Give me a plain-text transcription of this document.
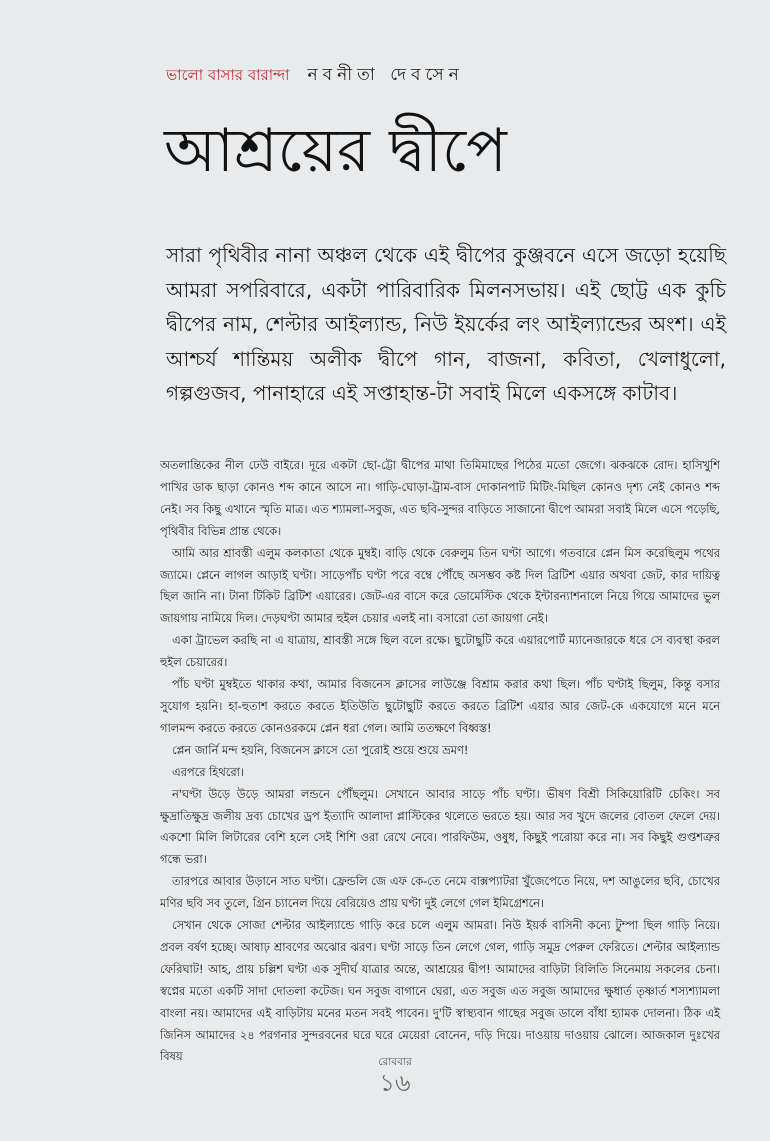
ভালো বাসার বারান্দা নবনীতা দেবসেন
আশ্রয়ের দ্বীপে

সারা পৃথিবীর নানা অঞ্চল থেকে এই দ্বীপের কুঞ্জবনে এসে জড়ো হয়েছি আমরা সপরিবারে, একটা পারিবারিক মিলনসভায়। এই ছোট্ট এক কুচি দ্বীপের নাম, শেল্টার আইল্যান্ড, নিউ ইয়র্কের লং আইল্যান্ডের অংশ। এই আশ্চর্য শান্তিময় অলীক দ্বীপে গান, বাজনা, কবিতা, খেলাধুলো, গল্পগুজব, পানাহারে এই সপ্তাহান্ত-টা সবাই মিলে একসঙ্গে কাটাব।

অতলান্তিকের নীল ঢেউ বাইরে। দূরে একটা ছো-ট্টো দ্বীপের মাথা তিমিমাছের পিঠের মতো জেগে। ঝকঝকে রোদ। হাসিখুশি পাখির ডাক ছাড়া কোনও শব্দ কানে আসে না। গাড়ি-ঘোড়া-ট্রাম-বাস দোকানপাট মিটিং-মিছিল কোনও দৃশ্য নেই কোনও শব্দ নেই। সব কিছু এখানে স্মৃতি মাত্র। এত শ্যামলা-সবুজ, এত ছবি-সুন্দর বাড়িতে সাজানো দ্বীপে আমরা সবাই মিলে এসে পড়েছি, পৃথিবীর বিভিন্ন প্রান্ত থেকে।

আমি আর শ্রাবস্তী এলুম কলকাতা থেকে মুম্বই। বাড়ি থেকে বেরুলুম তিন ঘণ্টা আগে। গতবারে প্লেন মিস করেছিলুম পথের জ্যামে। প্লেনে লাগল আড়াই ঘণ্টা। সাড়েপাঁচ ঘণ্টা পরে বম্বে পৌঁছে অসম্ভব কষ্ট দিল ব্রিটিশ এয়ার অথবা জেট, কার দায়িত্ব ছিল জানি না। টানা টিকিট ব্রিটিশ এয়ারের। জেট-এর বাসে করে ডোমেস্টিক থেকে ইন্টারন্যাশনালে নিয়ে গিয়ে আমাদের ভুল জায়গায় নামিয়ে দিল। দেড়ঘণ্টা আমার হুইল চেয়ার এলই না। বসারো তো জায়গা নেই।

একা ট্রাভেল করছি না এ যাত্রায়, শ্রাবস্তী সঙ্গে ছিল বলে রক্ষে। ছুটোছুটি করে এয়ারপোর্ট ম্যানেজারকে ধরে সে ব্যবস্থা করল হুইল চেয়ারের।

পাঁচ ঘণ্টা মুম্বইতে থাকার কথা, আমার বিজনেস ক্লাসের লাউঞ্জে বিশ্রাম করার কথা ছিল। পাঁচ ঘণ্টাই ছিলুম, কিন্তু বসার সুযোগ হয়নি। হা-হুতাশ করতে করতে ইতিউতি ছুটোছুটি করতে করতে ব্রিটিশ এয়ার আর জেট-কে একযোগে মনে মনে গালমন্দ করতে করতে কোনওরকমে প্লেন ধরা গেল। আমি ততক্ষণে বিধ্বস্ত!

প্লেন জার্নি মন্দ হয়নি, বিজনেস ক্লাসে তো পুরোই শুয়ে শুয়ে ভ্রমণ!

এরপরে হিথরো।

ন'ঘণ্টা উড়ে উড়ে আমরা লন্ডনে পৌঁছলুম। সেখানে আবার সাড়ে পাঁচ ঘণ্টা। ভীষণ বিশ্রী সিকিয়োরিটি চেকিং। সব ক্ষুদ্রাতিক্ষুদ্র জলীয় দ্রব্য চোখের ড্রপ ইত্যাদি আলাদা প্লাস্টিকের থলেতে ভরতে হয়। আর সব খুদে জলের বোতল ফেলে দেয়। একশো মিলি লিটারের বেশি হলে সেই শিশি ওরা রেখে নেবে। পারফিউম, ওষুধ, কিছুই পরোয়া করে না। সব কিছুই গুপ্তশত্রুর গন্ধে ভরা।

তারপরে আবার উড়ানে সাত ঘণ্টা। ফ্রেন্ডলি জে এফ কে-তে নেমে বাক্সপ্যাটরা খুঁজেপেতে নিয়ে, দশ আঙুলের ছবি, চোখের মণির ছবি সব তুলে, গ্রিন চ্যানেল দিয়ে বেরিয়েও প্রায় ঘণ্টা দুই লেগে গেল ইমিগ্রেশনে।

সেখান থেকে সোজা শেল্টার আইল্যান্ডে গাড়ি করে চলে এলুম আমরা। নিউ ইয়র্ক বাসিনী কন্যে টুম্পা ছিল গাড়ি নিয়ে। প্রবল বর্ষণ হচ্ছে। আষাঢ় শ্রাবণের অঝোর ঝরণ। ঘণ্টা সাড়ে তিন লেগে গেল, গাড়ি সমুদ্র পেরুল ফেরিতে। শেল্টার আইল্যান্ড ফেরিঘাট! আহ, প্রায় চল্লিশ ঘণ্টা এক সুদীর্ঘ যাত্রার অন্তে, আশ্রয়ের দ্বীপ! আমাদের বাড়িটা বিলিতি সিনেমায় সকলের চেনা। স্বপ্নের মতো একটি সাদা দোতলা কটেজ। ঘন সবুজ বাগানে ঘেরা, এত সবুজ এত সবুজ আমাদের ক্ষুধার্ত তৃষ্ণার্ত শস্যশ্যামলা বাংলা নয়। আমাদের এই বাড়িটায় মনের মতন সবই পাবেন। দু'টি স্বাস্থ্যবান গাছের সবুজ ডালে বাঁধা হ্যামক দোলনা। ঠিক এই জিনিস আমাদের ২৪ পরগনার সুন্দরবনের ঘরে ঘরে মেয়েরা বোনেন, দড়ি দিয়ে। দাওয়ায় দাওয়ায় ঝোলে। আজকাল দুঃখের বিষয়	রোববার
১৬
